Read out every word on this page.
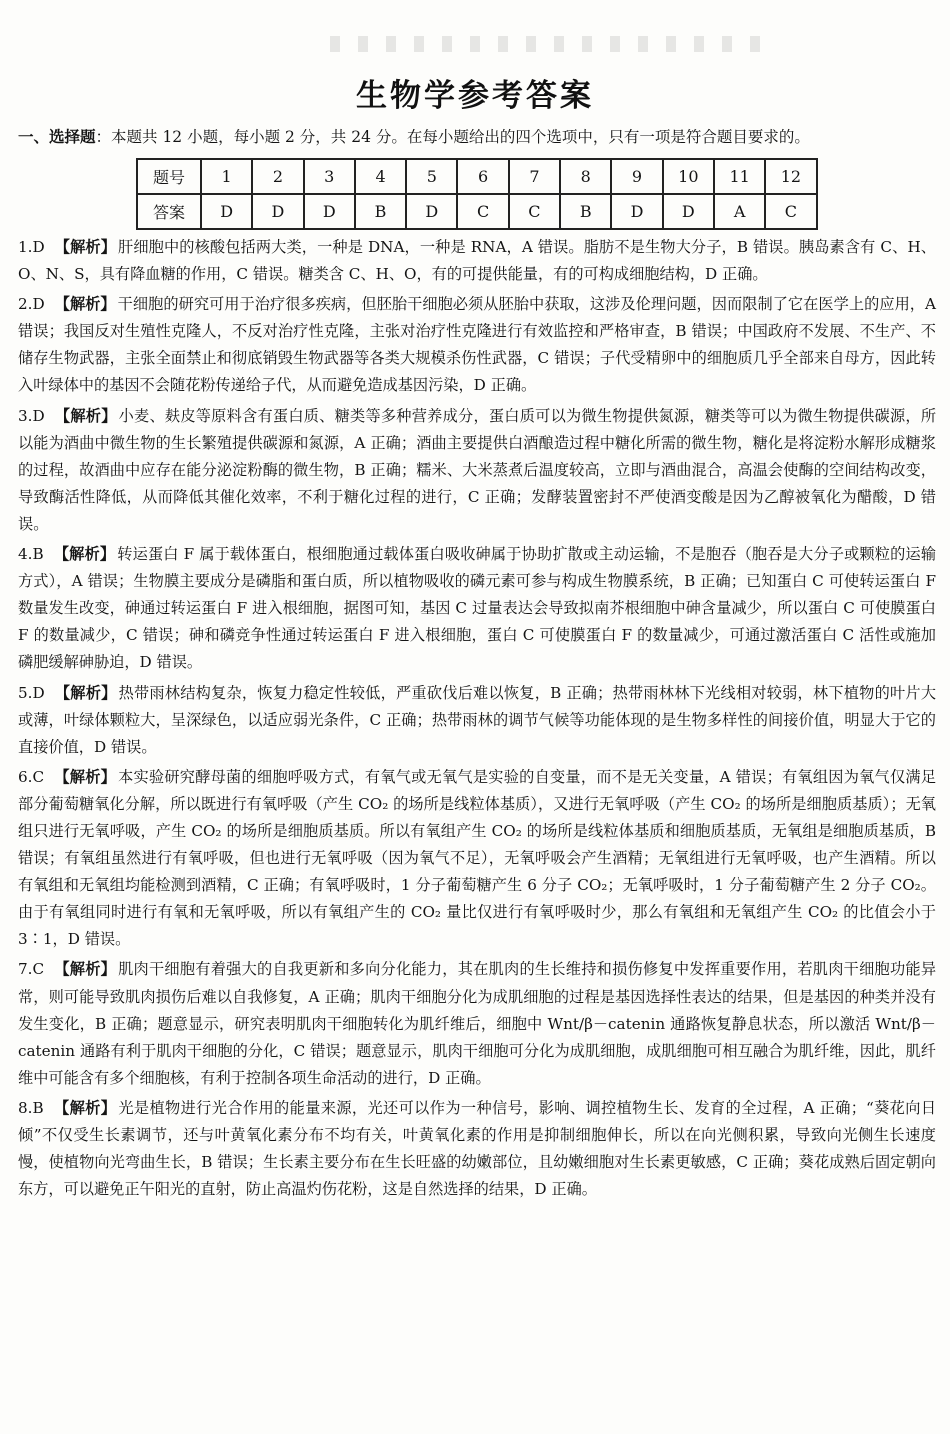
生物学参考答案
一、选择题：本题共 12 小题，每小题 2 分，共 24 分。在每小题给出的四个选项中，只有一项是符合题目要求的。
题号	1	2	3	4	5	6	7	8	9	10	11	12
答案	D	D	D	B	D	C	C	B	D	D	A	C

1.D 【解析】 肝细胞中的核酸包括两大类，一种是 DNA，一种是 RNA，A 错误。脂肪不是生物大分子，B 错误。胰岛素含有 C、H、O、N、S，具有降血糖的作用，C 错误。糖类含 C、H、O，有的可提供能量，有的可构成细胞结构，D 正确。

2.D 【解析】 干细胞的研究可用于治疗很多疾病，但胚胎干细胞必须从胚胎中获取，这涉及伦理问题，因而限制了它在医学上的应用，A 错误；我国反对生殖性克隆人，不反对治疗性克隆，主张对治疗性克隆进行有效监控和严格审查，B 错误；中国政府不发展、不生产、不储存生物武器，主张全面禁止和彻底销毁生物武器等各类大规模杀伤性武器，C 错误；子代受精卵中的细胞质几乎全部来自母方，因此转入叶绿体中的基因不会随花粉传递给子代，从而避免造成基因污染，D 正确。

3.D 【解析】 小麦、麸皮等原料含有蛋白质、糖类等多种营养成分，蛋白质可以为微生物提供氮源，糖类等可以为微生物提供碳源，所以能为酒曲中微生物的生长繁殖提供碳源和氮源，A 正确；酒曲主要提供白酒酿造过程中糖化所需的微生物，糖化是将淀粉水解形成糖浆的过程，故酒曲中应存在能分泌淀粉酶的微生物，B 正确；糯米、大米蒸煮后温度较高，立即与酒曲混合，高温会使酶的空间结构改变，导致酶活性降低，从而降低其催化效率，不利于糖化过程的进行，C 正确；发酵装置密封不严使酒变酸是因为乙醇被氧化为醋酸，D 错误。

4.B 【解析】 转运蛋白 F 属于载体蛋白，根细胞通过载体蛋白吸收砷属于协助扩散或主动运输，不是胞吞（胞吞是大分子或颗粒的运输方式），A 错误；生物膜主要成分是磷脂和蛋白质，所以植物吸收的磷元素可参与构成生物膜系统，B 正确；已知蛋白 C 可使转运蛋白 F 数量发生改变，砷通过转运蛋白 F 进入根细胞，据图可知，基因 C 过量表达会导致拟南芥根细胞中砷含量减少，所以蛋白 C 可使膜蛋白 F 的数量减少，C 错误；砷和磷竞争性通过转运蛋白 F 进入根细胞，蛋白 C 可使膜蛋白 F 的数量减少，可通过激活蛋白 C 活性或施加磷肥缓解砷胁迫，D 错误。

5.D 【解析】 热带雨林结构复杂，恢复力稳定性较低，严重砍伐后难以恢复，B 正确；热带雨林林下光线相对较弱，林下植物的叶片大或薄，叶绿体颗粒大，呈深绿色，以适应弱光条件，C 正确；热带雨林的调节气候等功能体现的是生物多样性的间接价值，明显大于它的直接价值，D 错误。

6.C 【解析】 本实验研究酵母菌的细胞呼吸方式，有氧气或无氧气是实验的自变量，而不是无关变量，A 错误；有氧组因为氧气仅满足部分葡萄糖氧化分解，所以既进行有氧呼吸（产生 CO₂ 的场所是线粒体基质），又进行无氧呼吸（产生 CO₂ 的场所是细胞质基质）；无氧组只进行无氧呼吸，产生 CO₂ 的场所是细胞质基质。所以有氧组产生 CO₂ 的场所是线粒体基质和细胞质基质，无氧组是细胞质基质，B 错误；有氧组虽然进行有氧呼吸，但也进行无氧呼吸（因为氧气不足），无氧呼吸会产生酒精；无氧组进行无氧呼吸，也产生酒精。所以有氧组和无氧组均能检测到酒精，C 正确；有氧呼吸时，1 分子葡萄糖产生 6 分子 CO₂；无氧呼吸时，1 分子葡萄糖产生 2 分子 CO₂。由于有氧组同时进行有氧和无氧呼吸，所以有氧组产生的 CO₂ 量比仅进行有氧呼吸时少，那么有氧组和无氧组产生 CO₂ 的比值会小于 3∶1，D 错误。

7.C 【解析】 肌肉干细胞有着强大的自我更新和多向分化能力，其在肌肉的生长维持和损伤修复中发挥重要作用，若肌肉干细胞功能异常，则可能导致肌肉损伤后难以自我修复，A 正确；肌肉干细胞分化为成肌细胞的过程是基因选择性表达的结果，但是基因的种类并没有发生变化，B 正确；题意显示，研究表明肌肉干细胞转化为肌纤维后，细胞中 Wnt/β－catenin 通路恢复静息状态，所以激活 Wnt/β－catenin 通路有利于肌肉干细胞的分化，C 错误；题意显示，肌肉干细胞可分化为成肌细胞，成肌细胞可相互融合为肌纤维，因此，肌纤维中可能含有多个细胞核，有利于控制各项生命活动的进行，D 正确。

8.B 【解析】 光是植物进行光合作用的能量来源，光还可以作为一种信号，影响、调控植物生长、发育的全过程，A 正确；“葵花向日倾”不仅受生长素调节，还与叶黄氧化素分布不均有关，叶黄氧化素的作用是抑制细胞伸长，所以在向光侧积累，导致向光侧生长速度慢，使植物向光弯曲生长，B 错误；生长素主要分布在生长旺盛的幼嫩部位，且幼嫩细胞对生长素更敏感，C 正确；葵花成熟后固定朝向东方，可以避免正午阳光的直射，防止高温灼伤花粉，这是自然选择的结果，D 正确。
